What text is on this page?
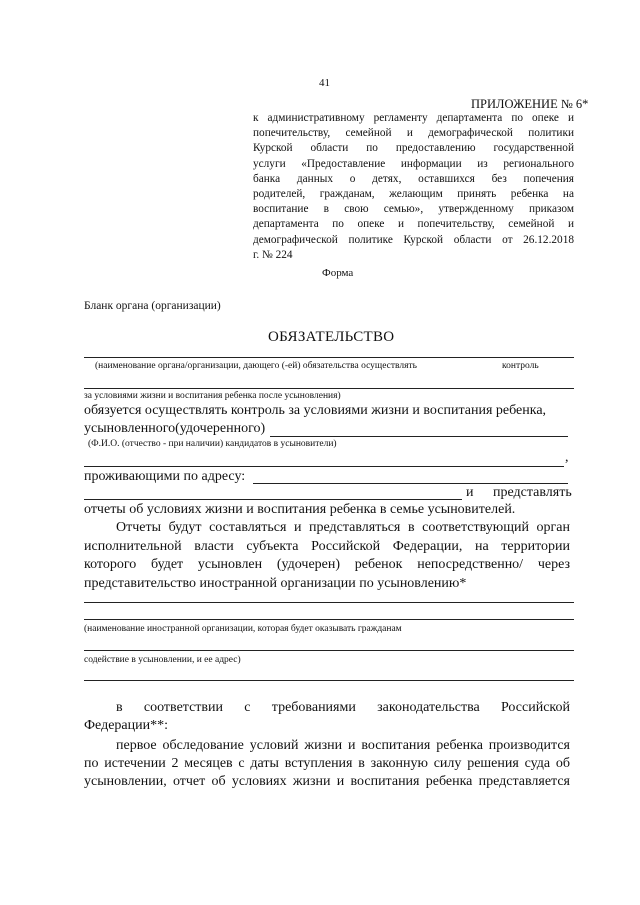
41
ПРИЛОЖЕНИЕ № 6*
к административному регламенту департамента по опеке и
попечительству, семейной и демографической политики
Курской области по предоставлению государственной
услуги «Предоставление информации из регионального
банка данных о детях, оставшихся без попечения
родителей, гражданам, желающим принять ребенка на
воспитание в свою семью», утвержденному приказом
департамента по опеке и попечительству, семейной и
демографической политике Курской области от 26.12.2018
г. № 224
Форма
Бланк органа (организации)
ОБЯЗАТЕЛЬСТВО
(наименование органа/организации, дающего (-ей) обязательства осуществлять	контроль
за условиями жизни и воспитания ребенка после усыновления)
обязуется осуществлять контроль за условиями жизни и воспитания ребенка,
усыновленного(удочеренного)
(Ф.И.О. (отчество - при наличии) кандидатов в усыновители)
,
проживающими по адресу:
и представлять
отчеты об условиях жизни и воспитания ребенка в семье усыновителей.
Отчеты будут составляться и представляться в соответствующий орган
исполнительной власти субъекта Российской Федерации, на территории
которого будет усыновлен (удочерен) ребенок непосредственно/ через
представительство иностранной организации по усыновлению*
(наименование иностранной организации, которая будет оказывать гражданам
содействие в усыновлении, и ее адрес)
в соответствии с требованиями законодательства Российской
Федерации**:
первое обследование условий жизни и воспитания ребенка производится
по истечении 2 месяцев с даты вступления в законную силу решения суда об
усыновлении, отчет об условиях жизни и воспитания ребенка представляется
